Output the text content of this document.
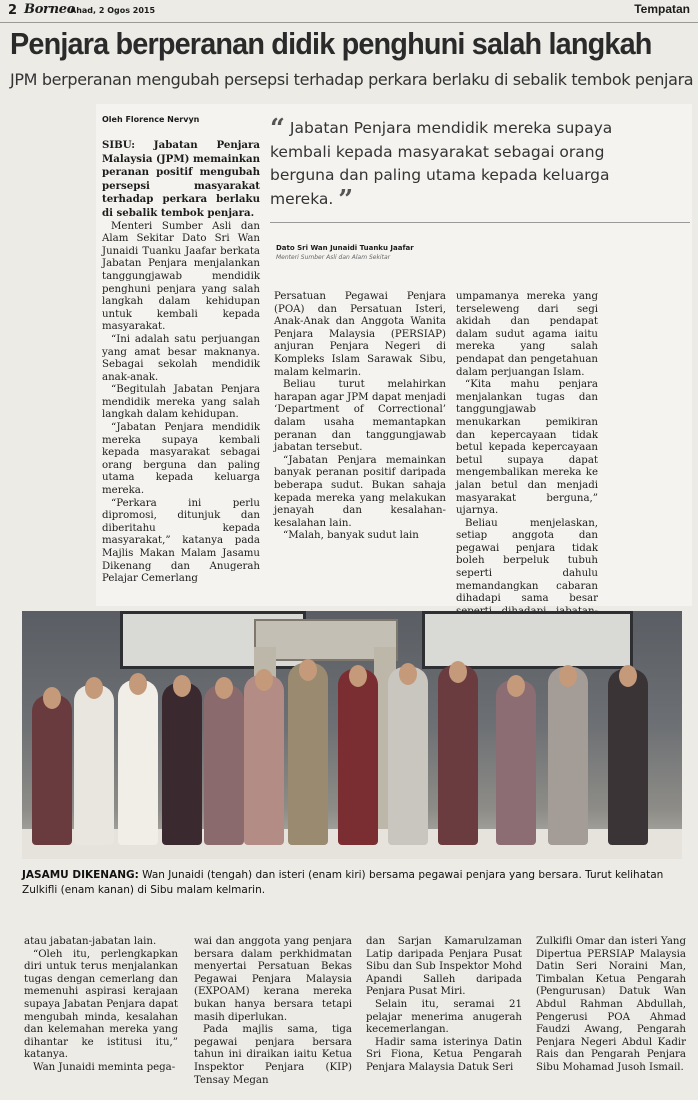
2 Borneo
Ahad, 2 Ogos 2015	Tempatan
Penjara berperanan didik penghuni salah langkah
JPM berperanan mengubah persepsi terhadap perkara berlaku di sebalik tembok penjara
Oleh Florence Nervyn

SIBU: Jabatan Penjara Malaysia (JPM) memainkan peranan positif mengubah persepsi masyarakat terhadap perkara berlaku di sebalik tembok penjara.

Menteri Sumber Asli dan Alam Sekitar Dato Sri Wan Junaidi Tuanku Jaafar berkata Jabatan Penjara menjalankan tanggungjawab mendidik penghuni penjara yang salah langkah dalam kehidupan untuk kembali kepada masyarakat.

“Ini adalah satu perjuangan yang amat besar maknanya. Sebagai sekolah mendidik anak-anak.

“Begitulah Jabatan Penjara mendidik mereka yang salah langkah dalam kehidupan.

“Jabatan Penjara mendidik mereka supaya kembali kepada masyarakat sebagai orang berguna dan paling utama kepada keluarga mereka.

“Perkara ini perlu dipromosi, ditunjuk dan diberitahu kepada masyarakat,” katanya pada Majlis Makan Malam Jasamu Dikenang dan Anugerah Pelajar Cemerlang

“ Jabatan Penjara mendidik mereka supaya kembali kepada masyarakat sebagai orang berguna dan paling utama kepada keluarga mereka. ”
Dato Sri Wan Junaidi Tuanku Jaafar
Menteri Sumber Asli dan Alam Sekitar

Persatuan Pegawai Penjara (POA) dan Persatuan Isteri, Anak-Anak dan Anggota Wanita Penjara Malaysia (PERSIAP) anjuran Penjara Negeri di Kompleks Islam Sarawak Sibu, malam kelmarin.

Beliau turut melahirkan harapan agar JPM dapat menjadi ‘Department of Correctional’ dalam usaha memantapkan peranan dan tanggungjawab jabatan tersebut.

“Jabatan Penjara memainkan banyak peranan positif daripada beberapa sudut. Bukan sahaja kepada mereka yang melakukan jenayah dan kesalahan-kesalahan lain.

“Malah, banyak sudut lain

umpamanya mereka yang terseleweng dari segi akidah dan pendapat dalam sudut agama iaitu mereka yang salah pendapat dan pengetahuan dalam perjuangan Islam.

“Kita mahu penjara menjalankan tugas dan tanggungjawab menukarkan pemikiran dan kepercayaan tidak betul kepada kepercayaan betul supaya dapat mengembalikan mereka ke jalan betul dan menjadi masyarakat berguna,” ujarnya.

Beliau menjelaskan, setiap anggota dan pegawai penjara tidak boleh berpeluk tubuh seperti dahulu memandangkan cabaran dihadapi sama besar

JASAMU DIKENANG: Wan Junaidi (tengah) dan isteri (enam kiri) bersama pegawai penjara yang bersara. Turut kelihatan Zulkifli (enam kanan) di Sibu malam kelmarin.

atau jabatan-jabatan lain.

“Oleh itu, perlengkapkan diri untuk terus menjalankan tugas dengan cemerlang dan memenuhi aspirasi kerajaan supaya Jabatan Penjara dapat mengubah minda, kesalahan dan kelemahan mereka yang dihantar ke istitusi itu,” katanya.

Wan Junaidi meminta pega-

wai dan anggota yang penjara bersara dalam perkhidmatan menyertai Persatuan Bekas Pegawai Penjara Malaysia (EXPOAM) kerana mereka bukan hanya bersara tetapi masih diperlukan.

Pada majlis sama, tiga pegawai penjara bersara tahun ini diraikan iaitu Ketua Inspektor Penjara (KIP) Tensay Megan

dan Sarjan Kamarulzaman Latip daripada Penjara Pusat Sibu dan Sub Inspektor Mohd Apandi Salleh daripada Penjara Pusat Miri.

Selain itu, seramai 21 pelajar menerima anugerah kecemerlangan.

Hadir sama isterinya Datin Sri Fiona, Ketua Pengarah Penjara Malaysia Datuk Seri

Zulkifli Omar dan isteri Yang Dipertua PERSIAP Malaysia Datin Seri Noraini Man, Timbalan Ketua Pengarah (Pengurusan) Datuk Wan Abdul Rahman Abdullah, Pengerusi POA Ahmad Faudzi Awang, Pengarah Penjara Negeri Abdul Kadir Rais dan Pengarah Penjara Sibu Mohamad Jusoh Ismail.
